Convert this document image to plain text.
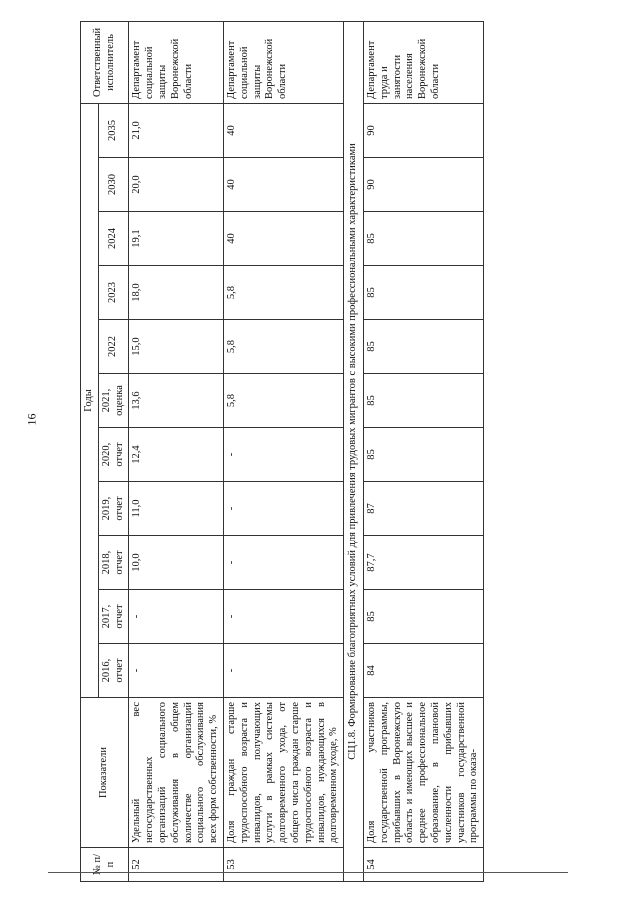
16
№ п/п	Показатели	Годы											Ответственный исполнитель
		2016, отчет	2017, отчет	2018, отчет	2019, отчет	2020, отчет	2021, оценка	2022	2023	2024	2030	2035	
52	Удельный вес негосударственных организаций социального обслуживания в общем количестве организаций социального обслуживания всех форм собственности, %	-	-	10,0	11,0	12,4	13,6	15,0	18,0	19,1	20,0	21,0	Департамент социальной защиты Воронежской области
53	Доля граждан старше трудоспособного возраста и инвалидов, получающих услуги в рамках системы долговременного ухода, от общего числа граждан старше трудоспособного возраста и инвалидов, нуждающихся в долговременном уходе, %	-	-	-	-	-	5,8	5,8	5,8	40	40	40	Департамент социальной защиты Воронежской области
СЦ1.8. Формирование благоприятных условий для привлечения трудовых мигрантов с высокими профессиональными характеристиками													
54	Доля участников государственной программы, прибывших в Воронежскую область и имеющих высшее и среднее профессиональное образование, в плановой численности прибывших участников государственной программы по оказа-	84	85	87,7	87	85	85	85	85	85	90	90	Департамент труда и занятости населения Воронежской области
